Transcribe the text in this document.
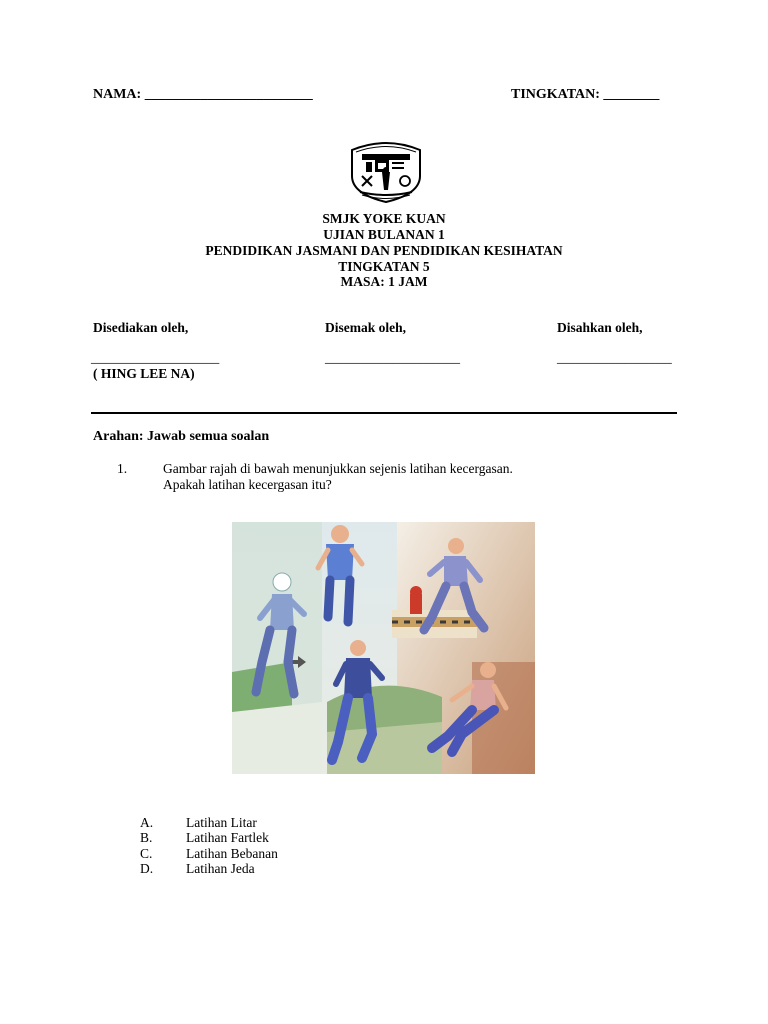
NAMA: ________________________	TINGKATAN: ________
SMJK YOKE KUAN
UJIAN BULANAN 1
PENDIDIKAN JASMANI DAN PENDIDIKAN KESIHATAN
TINGKATAN 5
MASA: 1 JAM
Disediakan oleh,	Disemak oleh,	Disahkan oleh,
___________________	____________________	_________________
( HING LEE NA)
Arahan: Jawab semua soalan
1.	Gambar rajah di bawah menunjukkan sejenis latihan kecergasan.
Apakah latihan kecergasan itu?
A. Latihan Litar
B. Latihan Fartlek
C. Latihan Bebanan
D. Latihan Jeda
